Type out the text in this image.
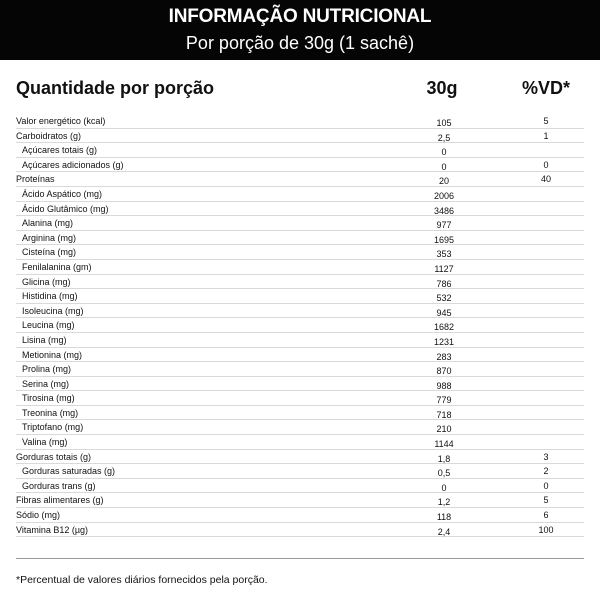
INFORMAÇÃO NUTRICIONAL
Por porção de 30g (1 sachê)
Quantidade por porção	30g	%VD*
Valor energético (kcal)	105	5
Carboidratos (g)	2,5	1
Açúcares totais (g)	0
Açúcares adicionados (g)	0	0
Proteínas	20	40
Ácido Aspático (mg)	2006
Ácido Glutâmico (mg)	3486
Alanina (mg)	977
Arginina (mg)	1695
Cisteína (mg)	353
Fenilalanina (gm)	1127
Glicina (mg)	786
Histidina (mg)	532
Isoleucina (mg)	945
Leucina (mg)	1682
Lisina (mg)	1231
Metionina (mg)	283
Prolina (mg)	870
Serina (mg)	988
Tirosina (mg)	779
Treonina (mg)	718
Triptofano (mg)	210
Valina (mg)	1144
Gorduras totais (g)	1,8	3
Gorduras saturadas (g)	0,5	2
Gorduras trans (g)	0	0
Fibras alimentares (g)	1,2	5
Sódio (mg)	118	6
Vitamina B12 (µg)	2,4	100
*Percentual de valores diários fornecidos pela porção.
